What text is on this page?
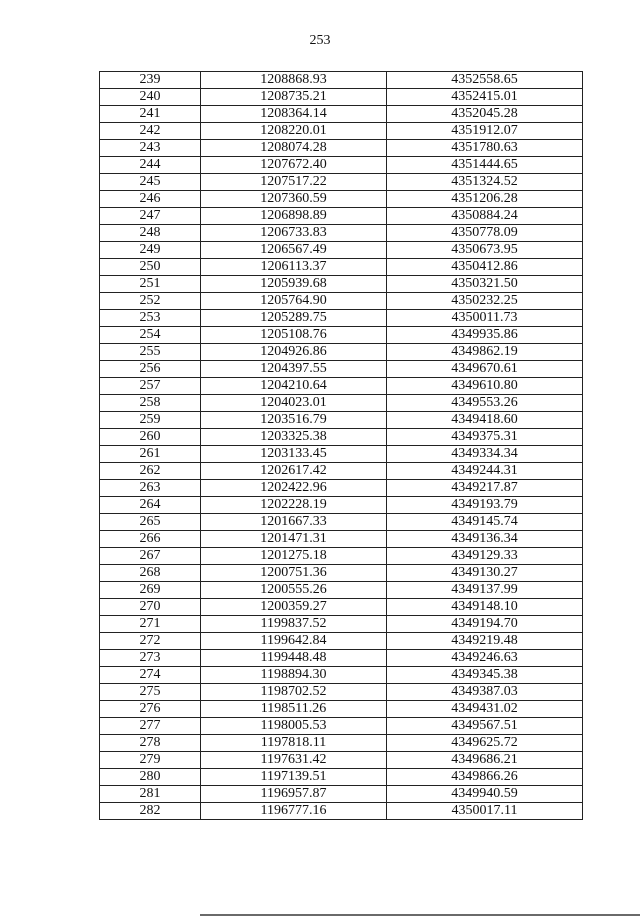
253
239	1208868.93	4352558.65
240	1208735.21	4352415.01
241	1208364.14	4352045.28
242	1208220.01	4351912.07
243	1208074.28	4351780.63
244	1207672.40	4351444.65
245	1207517.22	4351324.52
246	1207360.59	4351206.28
247	1206898.89	4350884.24
248	1206733.83	4350778.09
249	1206567.49	4350673.95
250	1206113.37	4350412.86
251	1205939.68	4350321.50
252	1205764.90	4350232.25
253	1205289.75	4350011.73
254	1205108.76	4349935.86
255	1204926.86	4349862.19
256	1204397.55	4349670.61
257	1204210.64	4349610.80
258	1204023.01	4349553.26
259	1203516.79	4349418.60
260	1203325.38	4349375.31
261	1203133.45	4349334.34
262	1202617.42	4349244.31
263	1202422.96	4349217.87
264	1202228.19	4349193.79
265	1201667.33	4349145.74
266	1201471.31	4349136.34
267	1201275.18	4349129.33
268	1200751.36	4349130.27
269	1200555.26	4349137.99
270	1200359.27	4349148.10
271	1199837.52	4349194.70
272	1199642.84	4349219.48
273	1199448.48	4349246.63
274	1198894.30	4349345.38
275	1198702.52	4349387.03
276	1198511.26	4349431.02
277	1198005.53	4349567.51
278	1197818.11	4349625.72
279	1197631.42	4349686.21
280	1197139.51	4349866.26
281	1196957.87	4349940.59
282	1196777.16	4350017.11
